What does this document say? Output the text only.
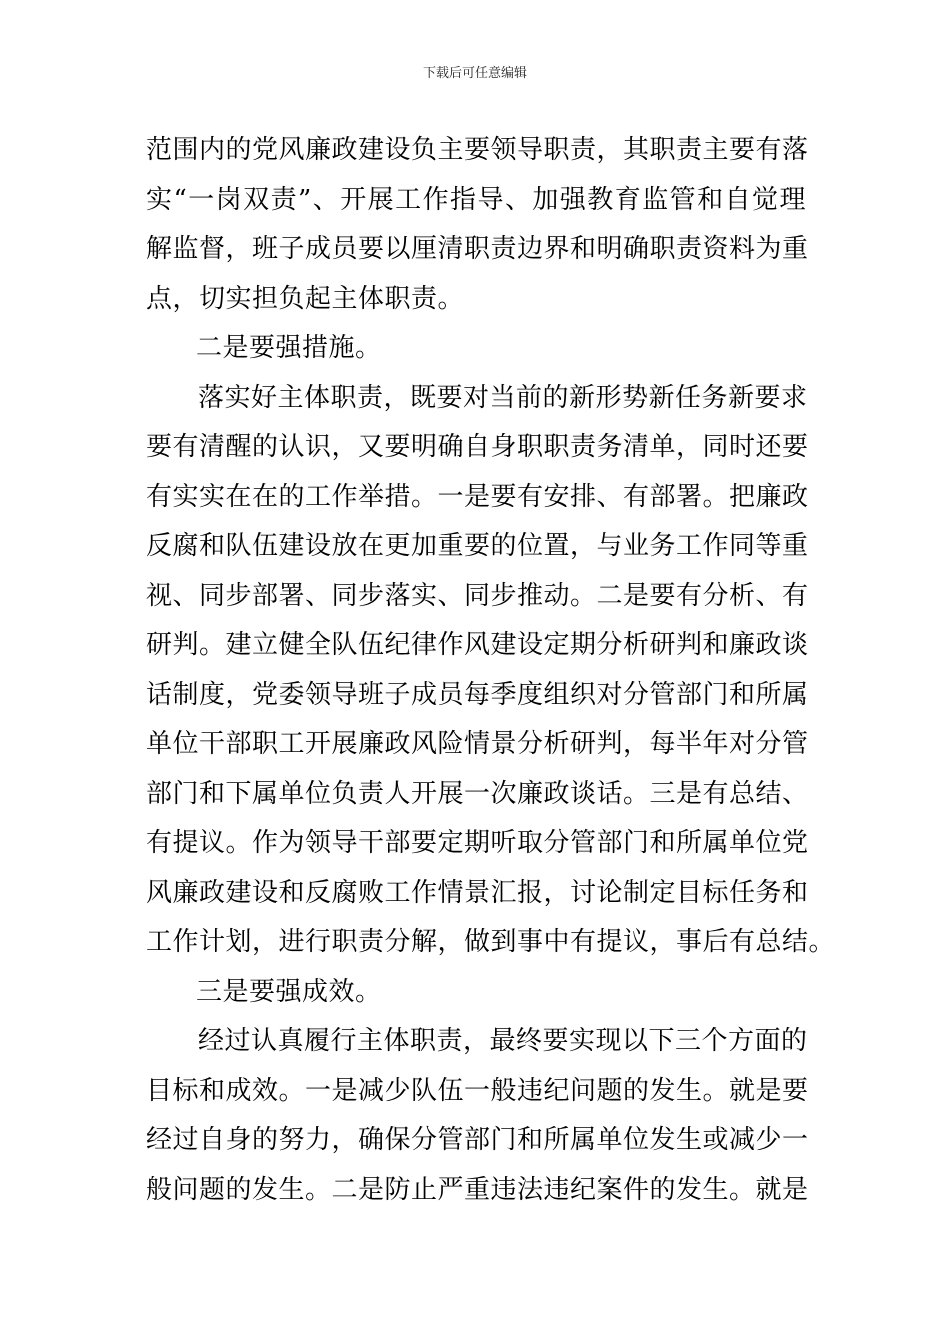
下载后可任意编辑
范围内的党风廉政建设负主要领导职责，其职责主要有落
实“一岗双责”、开展工作指导、加强教育监管和自觉理
解监督，班子成员要以厘清职责边界和明确职责资料为重
点，切实担负起主体职责。
二是要强措施。
落实好主体职责，既要对当前的新形势新任务新要求
要有清醒的认识，又要明确自身职职责务清单，同时还要
有实实在在的工作举措。一是要有安排、有部署。把廉政
反腐和队伍建设放在更加重要的位置，与业务工作同等重
视、同步部署、同步落实、同步推动。二是要有分析、有
研判。建立健全队伍纪律作风建设定期分析研判和廉政谈
话制度，党委领导班子成员每季度组织对分管部门和所属
单位干部职工开展廉政风险情景分析研判，每半年对分管
部门和下属单位负责人开展一次廉政谈话。三是有总结、
有提议。作为领导干部要定期听取分管部门和所属单位党
风廉政建设和反腐败工作情景汇报，讨论制定目标任务和
工作计划，进行职责分解，做到事中有提议，事后有总结。
三是要强成效。
经过认真履行主体职责，最终要实现以下三个方面的
目标和成效。一是减少队伍一般违纪问题的发生。就是要
经过自身的努力，确保分管部门和所属单位发生或减少一
般问题的发生。二是防止严重违法违纪案件的发生。就是
